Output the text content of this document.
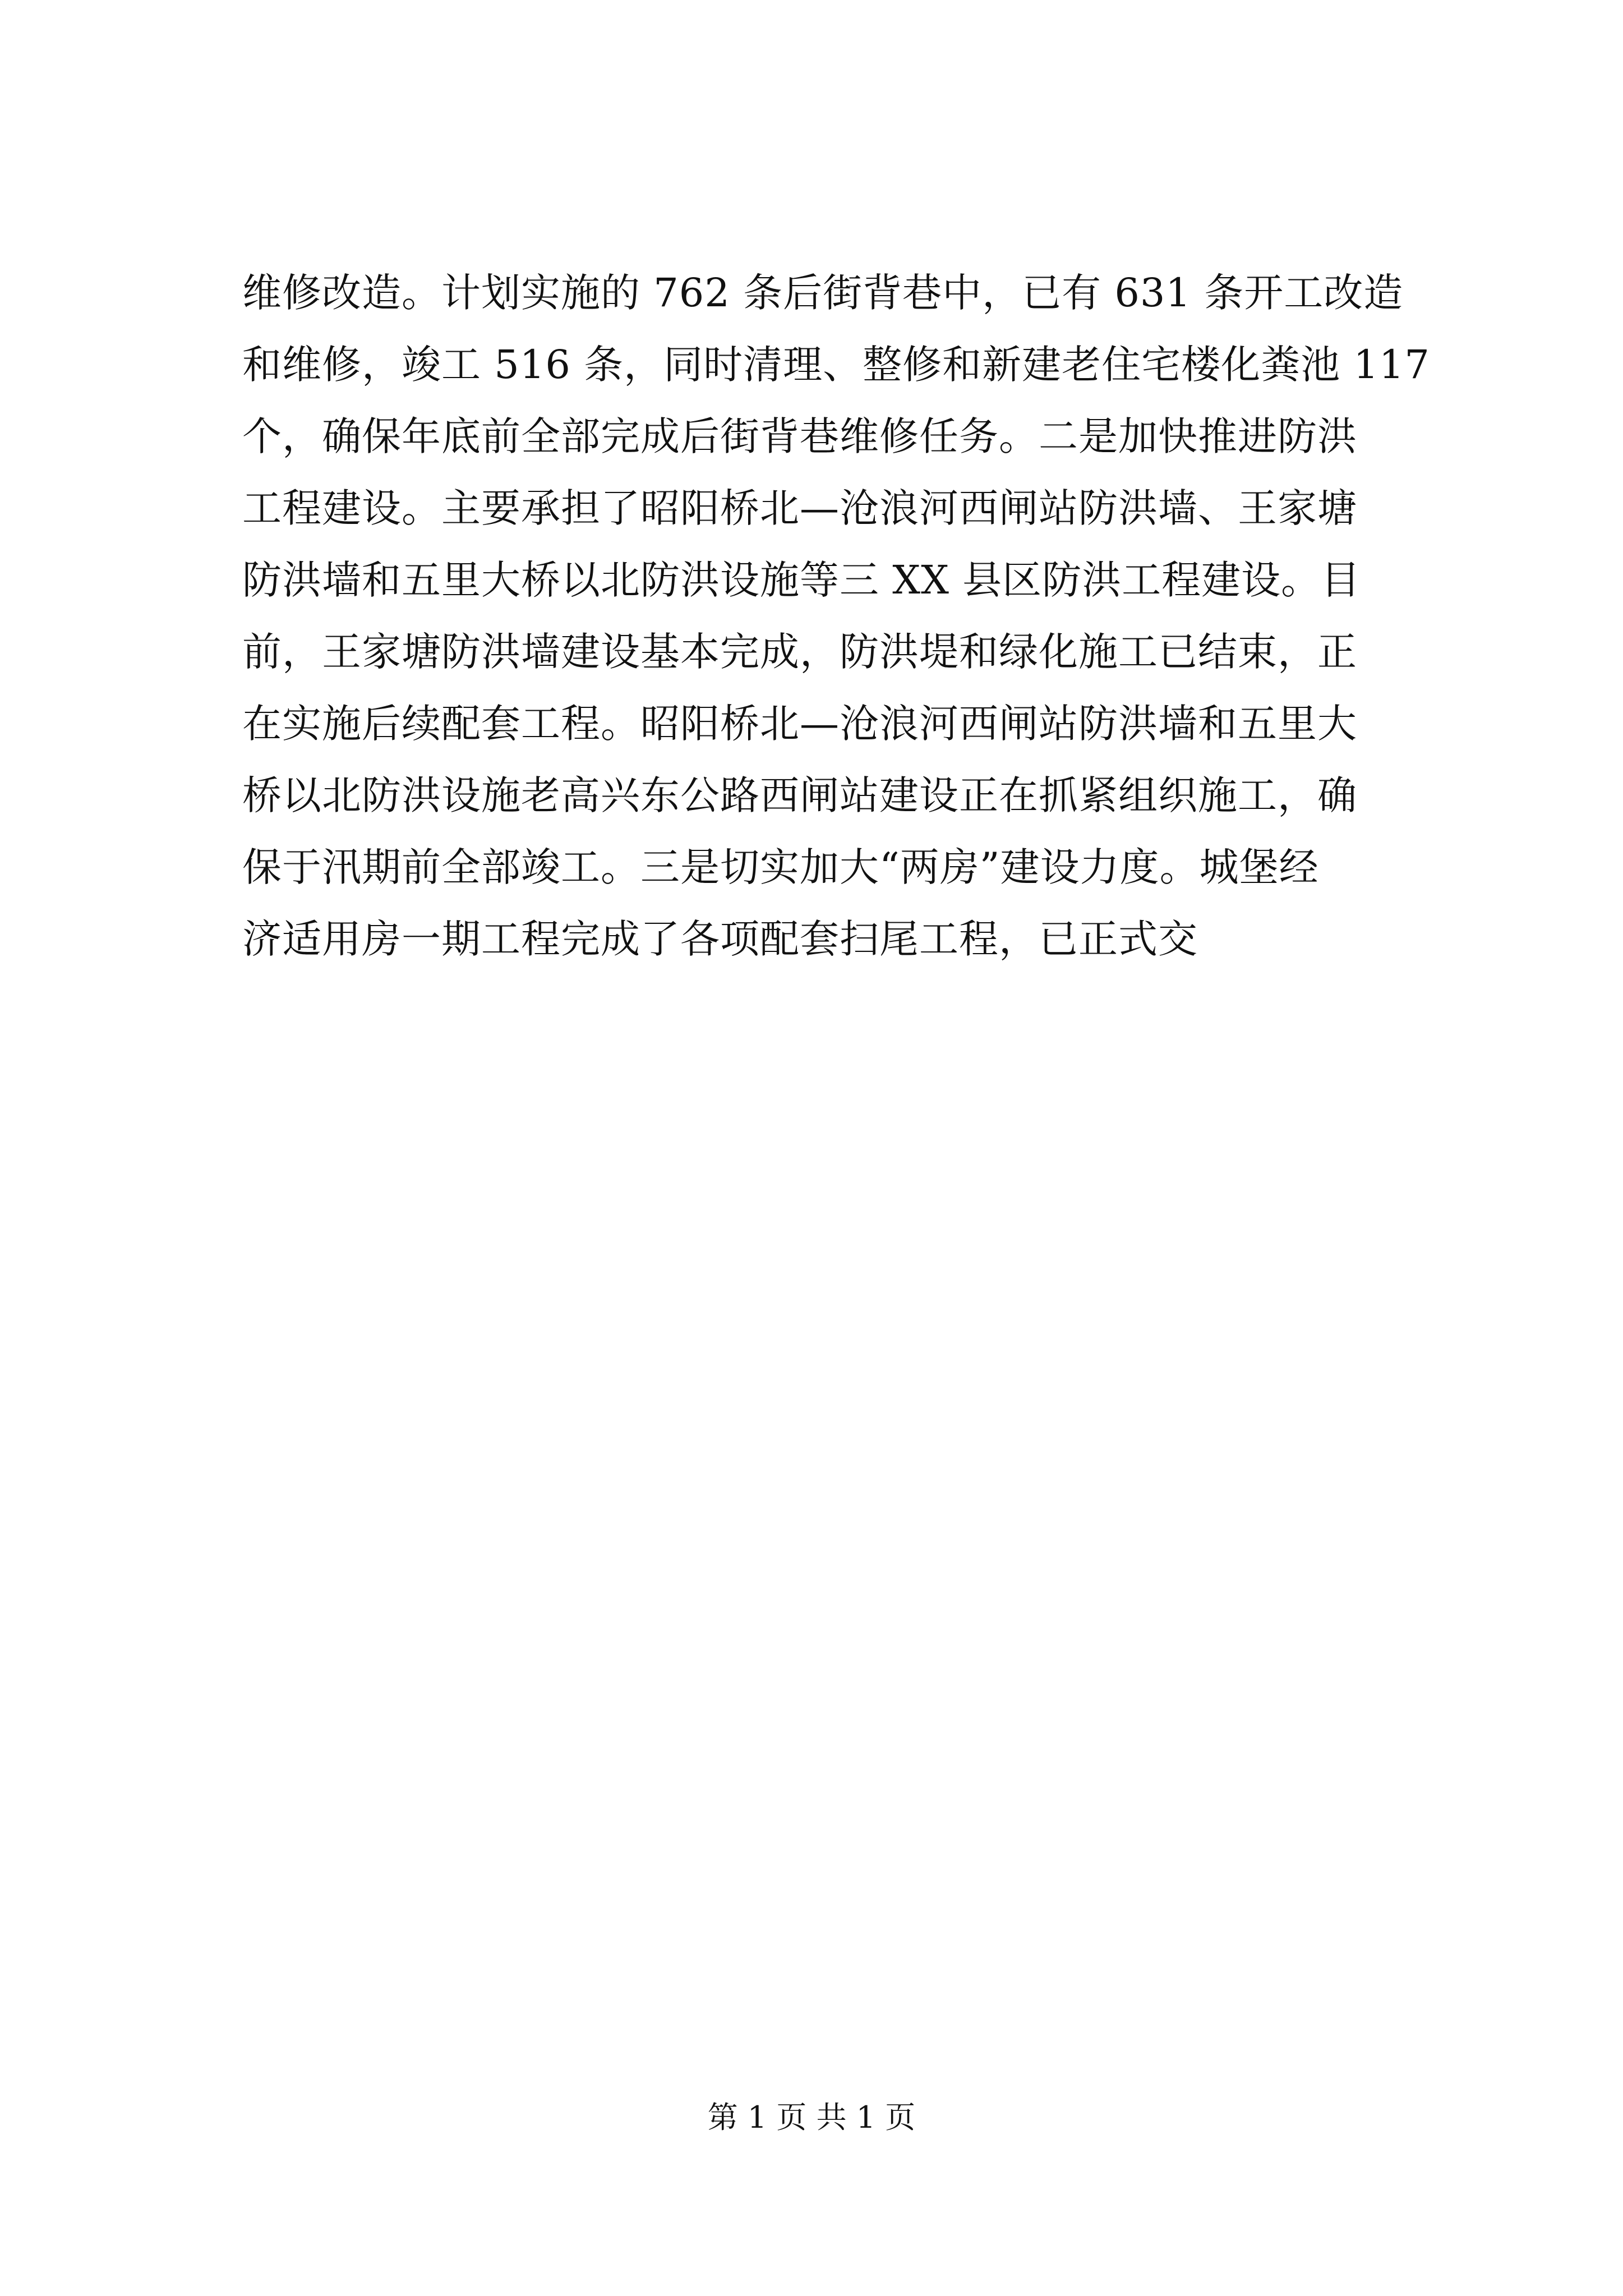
维修改造。计划实施的 762 条后街背巷中，已有 631 条开工改造
和维修，竣工 516 条，同时清理、整修和新建老住宅楼化粪池 117
个，确保年底前全部完成后街背巷维修任务。二是加快推进防洪
工程建设。主要承担了昭阳桥北—沧浪河西闸站防洪墙、王家塘
防洪墙和五里大桥以北防洪设施等三 XX 县区防洪工程建设。目
前，王家塘防洪墙建设基本完成，防洪堤和绿化施工已结束，正
在实施后续配套工程。昭阳桥北—沧浪河西闸站防洪墙和五里大
桥以北防洪设施老高兴东公路西闸站建设正在抓紧组织施工，确
保于汛期前全部竣工。三是切实加大“两房”建设力度。城堡经
济适用房一期工程完成了各项配套扫尾工程，已正式交
第 1 页 共 1 页
